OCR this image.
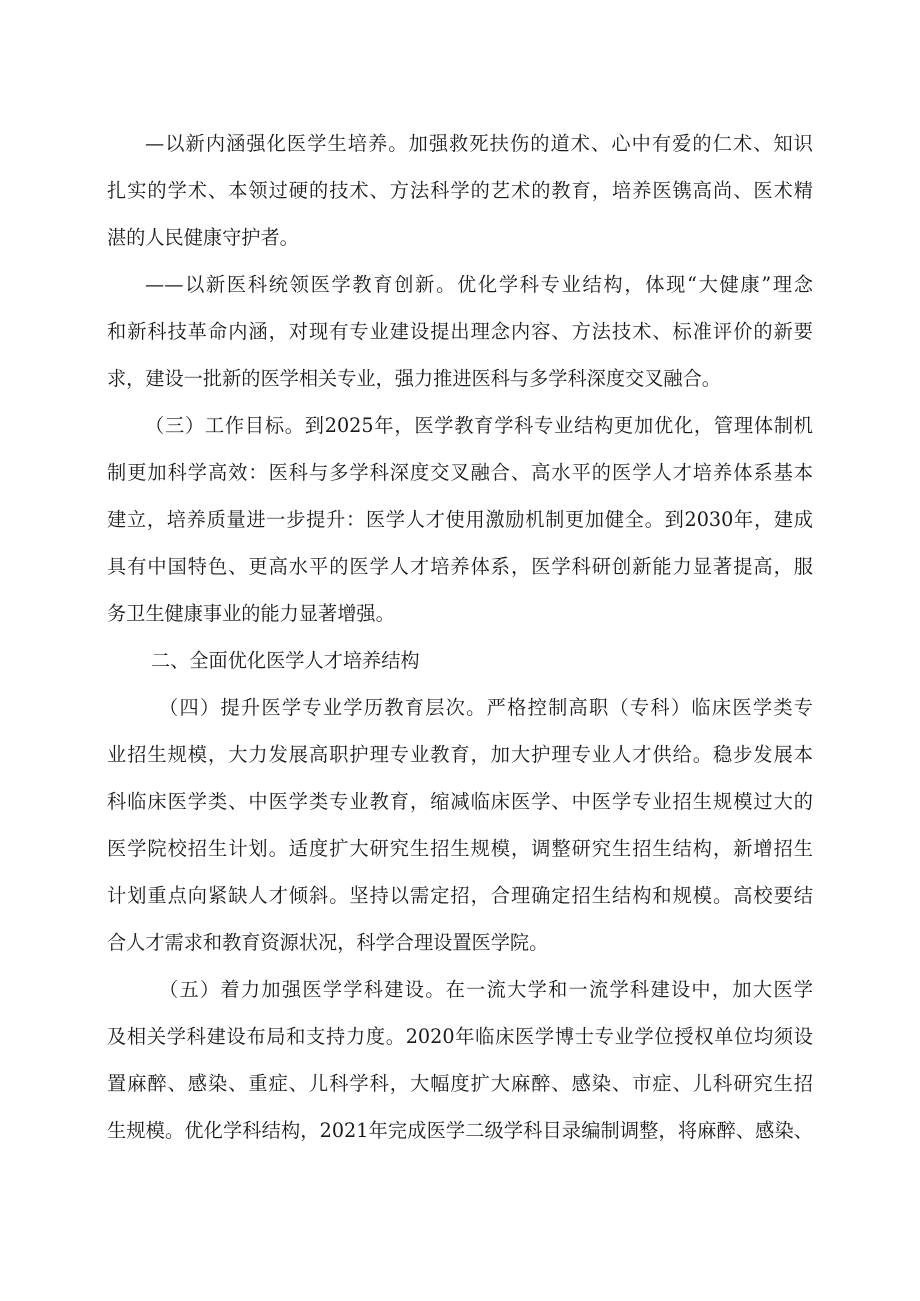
—以新内涵强化医学生培养。加强救死扶伤的道术、心中有爱的仁术、知识
扎实的学术、本领过硬的技术、方法科学的艺术的教育，培养医镌高尚、医术精
湛的人民健康守护者。
——以新医科统领医学教育创新。优化学科专业结构，体现“大健康”理念
和新科技革命内涵，对现有专业建设提出理念内容、方法技术、标准评价的新要
求，建设一批新的医学相关专业，强力推进医科与多学科深度交叉融合。
（三）工作目标。到2025年，医学教育学科专业结构更加优化，管理体制机
制更加科学高效：医科与多学科深度交叉融合、高水平的医学人才培养体系基本
建立，培养质量进一步提升：医学人才使用激励机制更加健全。到2030年，建成
具有中国特色、更高水平的医学人才培养体系，医学科研创新能力显著提高，服
务卫生健康事业的能力显著增强。
二、全面优化医学人才培养结构
（四）提升医学专业学历教育层次。严格控制高职（专科）临床医学类专
业招生规模，大力发展高职护理专业教育，加大护理专业人才供给。稳步发展本
科临床医学类、中医学类专业教育，缩减临床医学、中医学专业招生规模过大的
医学院校招生计划。适度扩大研究生招生规模，调整研究生招生结构，新增招生
计划重点向紧缺人才倾斜。坚持以需定招，合理确定招生结构和规模。高校要结
合人才需求和教育资源状况，科学合理设置医学院。
（五）着力加强医学学科建设。在一流大学和一流学科建设中，加大医学
及相关学科建设布局和支持力度。2020年临床医学博士专业学位授权单位均须设
置麻醉、感染、重症、儿科学科，大幅度扩大麻醉、感染、市症、儿科研究生招
生规模。优化学科结构，2021年完成医学二级学科目录编制调整，将麻醉、感染、
